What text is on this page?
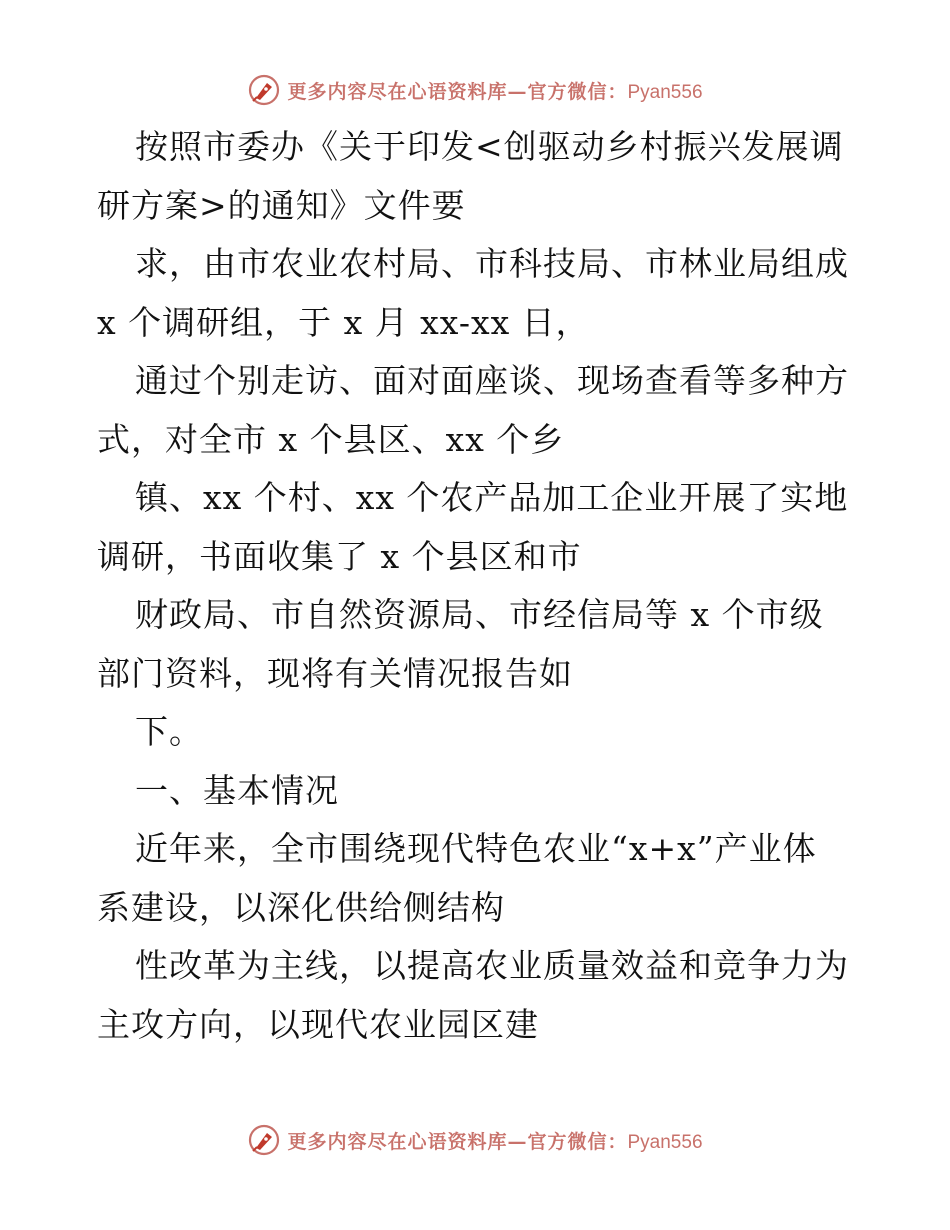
更多内容尽在心语资料库—官方微信：Pyan556
按照市委办《关于印发<创驱动乡村振兴发展调
研方案>的通知》文件要
求，由市农业农村局、市科技局、市林业局组成
x 个调研组，于 x 月 xx-xx 日，
通过个别走访、面对面座谈、现场查看等多种方
式，对全市 x 个县区、xx 个乡
镇、xx 个村、xx 个农产品加工企业开展了实地
调研，书面收集了 x 个县区和市
财政局、市自然资源局、市经信局等 x 个市级
部门资料，现将有关情况报告如
下。
一、基本情况
近年来，全市围绕现代特色农业“x+x”产业体
系建设，以深化供给侧结构
性改革为主线，以提高农业质量效益和竞争力为
主攻方向，以现代农业园区建
更多内容尽在心语资料库—官方微信：Pyan556
